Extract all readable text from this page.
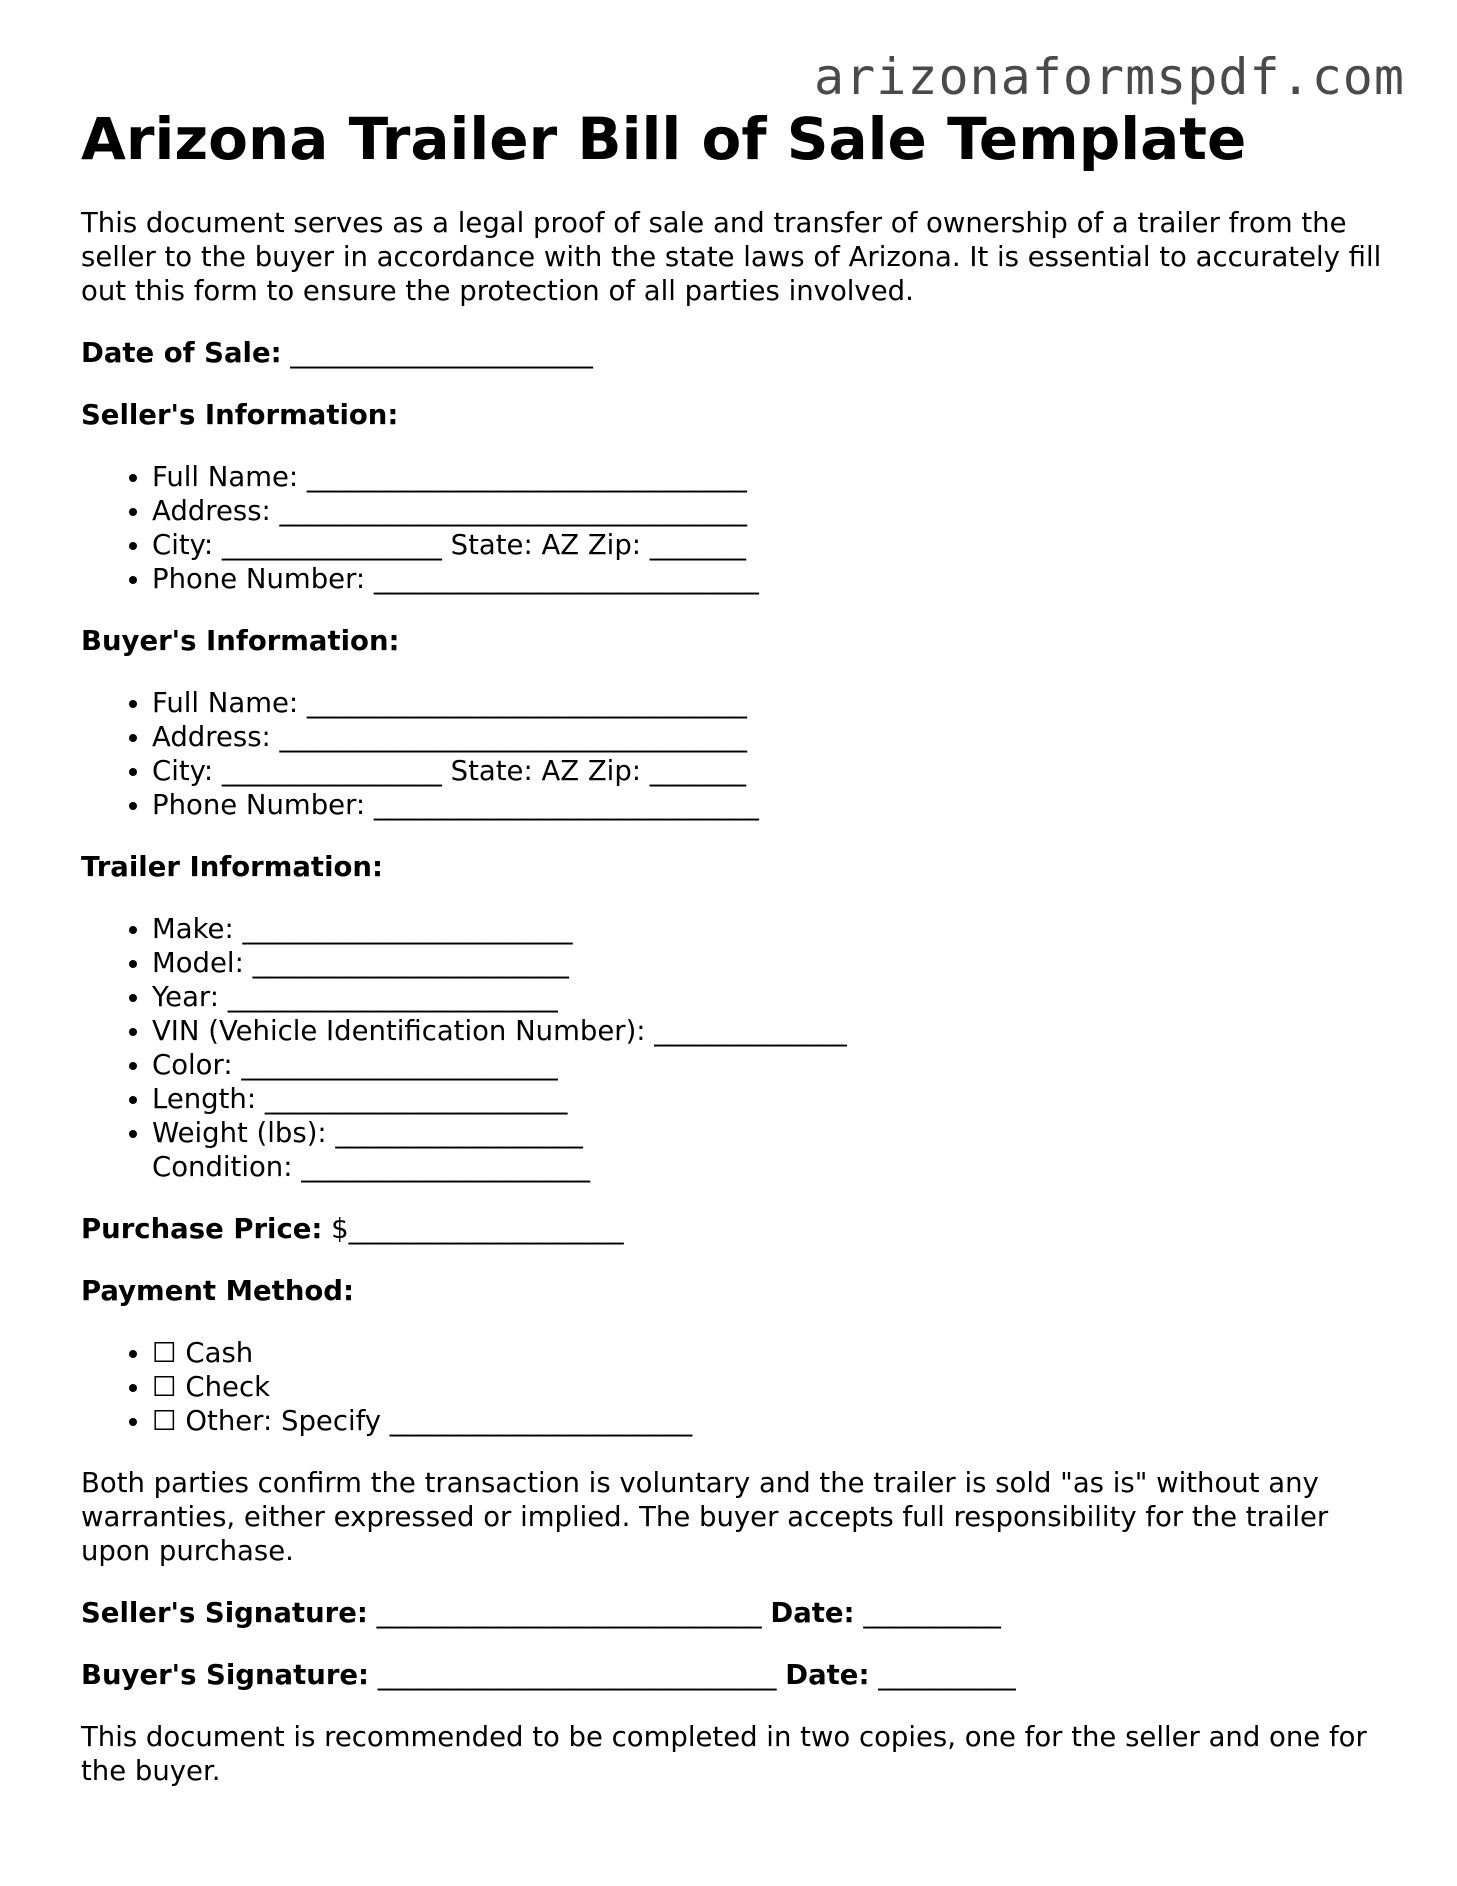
arizonaformspdf.com
Arizona Trailer Bill of Sale Template

This document serves as a legal proof of sale and transfer of ownership of a trailer from the seller to the buyer in accordance with the state laws of Arizona. It is essential to accurately fill out this form to ensure the protection of all parties involved.

Date of Sale: ______________________
Seller's Information:
• Full Name: ________________________________
• Address: __________________________________
• City: ________________ State: AZ Zip: _______
• Phone Number: ____________________________
Buyer's Information:
• Full Name: ________________________________
• Address: __________________________________
• City: ________________ State: AZ Zip: _______
• Phone Number: ____________________________
Trailer Information:
• Make: ________________________
• Model: _______________________
• Year: ________________________
• VIN (Vehicle Identification Number): ______________
• Color: _______________________
• Length: ______________________
• Weight (lbs): __________________
Condition: _____________________
Purchase Price: $____________________
Payment Method:
• ☐ Cash
• ☐ Check
• ☐ Other: Specify ______________________

Both parties confirm the transaction is voluntary and the trailer is sold "as is" without any warranties, either expressed or implied. The buyer accepts full responsibility for the trailer upon purchase.

Seller's Signature: ____________________________ Date: __________
Buyer's Signature: _____________________________ Date: __________

This document is recommended to be completed in two copies, one for the seller and one for the buyer.
